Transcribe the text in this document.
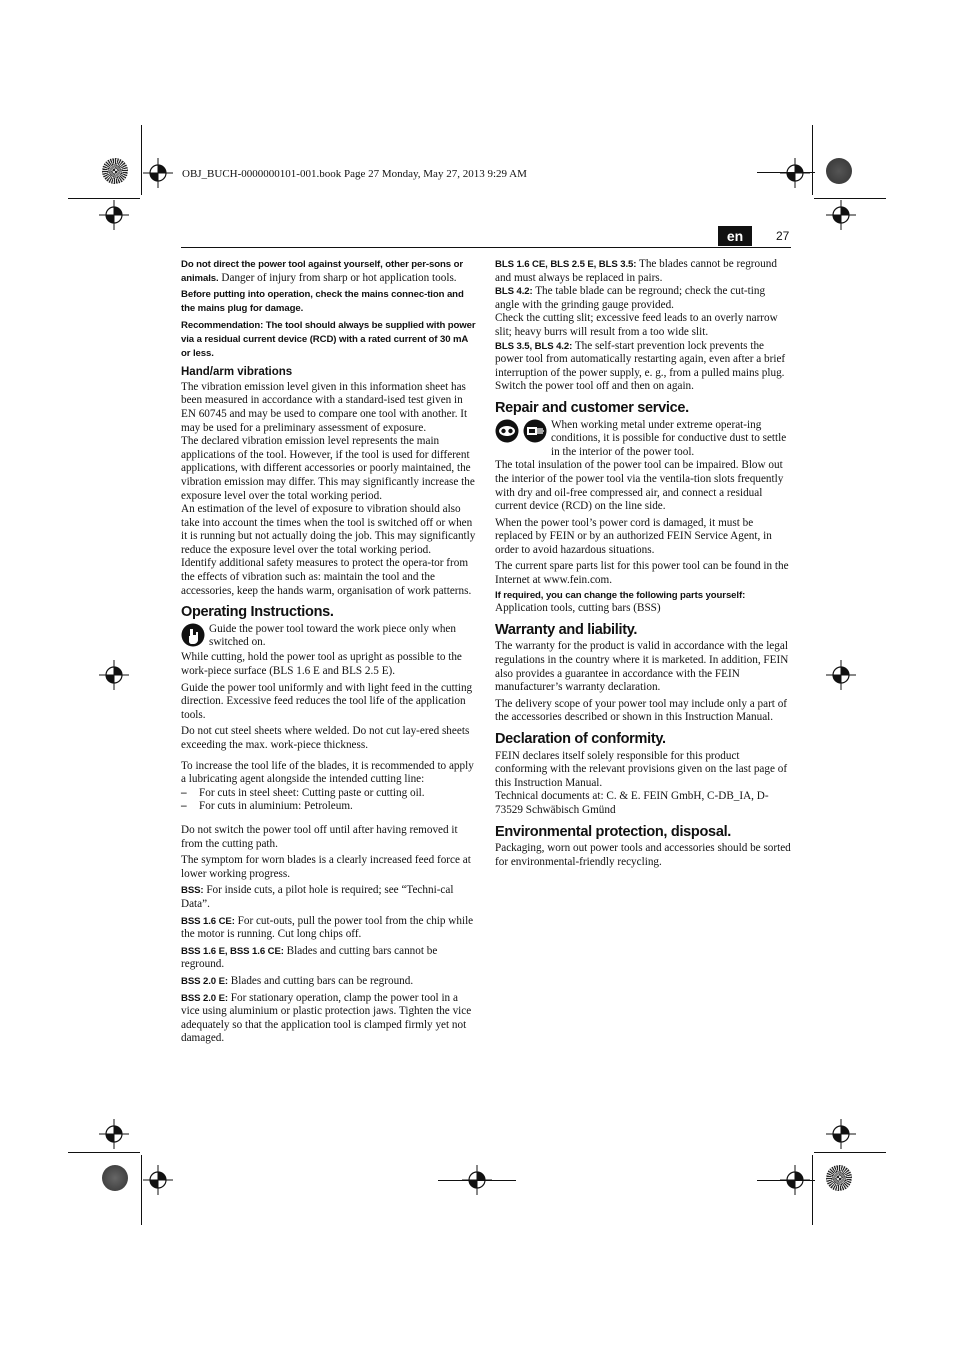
OBJ_BUCH-0000000101-001.book Page 27 Monday, May 27, 2013 9:29 AM
en	27

Do not direct the power tool against yourself, other per-sons or animals. Danger of injury from sharp or hot application tools.

Before putting into operation, check the mains connec-tion and the mains plug for damage.

Recommendation: The tool should always be supplied with power via a residual current device (RCD) with a rated current of 30 mA or less.

Hand/arm vibrations

The vibration emission level given in this information sheet has been measured in accordance with a standard-ised test given in EN 60745 and may be used to compare one tool with another. It may be used for a preliminary assessment of exposure.

The declared vibration emission level represents the main applications of the tool. However, if the tool is used for different applications, with different accessories or poorly maintained, the vibration emission may differ. This may significantly increase the exposure level over the total working period.

An estimation of the level of exposure to vibration should also take into account the times when the tool is switched off or when it is running but not actually doing the job. This may significantly reduce the exposure level over the total working period.

Identify additional safety measures to protect the opera-tor from the effects of vibration such as: maintain the tool and the accessories, keep the hands warm, organisation of work patterns.

Operating Instructions.
Guide the power tool toward the work piece only when switched on.

While cutting, hold the power tool as upright as possible to the work-piece surface (BLS 1.6 E and BLS 2.5 E).

Guide the power tool uniformly and with light feed in the cutting direction. Excessive feed reduces the tool life of the application tools.

Do not cut steel sheets where welded. Do not cut lay-ered sheets exceeding the max. work-piece thickness.

To increase the tool life of the blades, it is recommended to apply a lubricating agent alongside the intended cutting line:

– For cuts in steel sheet: Cutting paste or cutting oil.
– For cuts in aluminium: Petroleum.

Do not switch the power tool off until after having removed it from the cutting path.

The symptom for worn blades is a clearly increased feed force at lower working progress.

BSS: For inside cuts, a pilot hole is required; see “Techni-cal Data”.

BSS 1.6 CE: For cut-outs, pull the power tool from the chip while the motor is running. Cut long chips off.

BSS 1.6 E, BSS 1.6 CE: Blades and cutting bars cannot be reground.

BSS 2.0 E: Blades and cutting bars can be reground.

BSS 2.0 E: For stationary operation, clamp the power tool in a vice using aluminium or plastic protection jaws. Tighten the vice adequately so that the application tool is clamped firmly yet not damaged.

BLS 1.6 CE, BLS 2.5 E, BLS 3.5: The blades cannot be reground and must always be replaced in pairs.

BLS 4.2: The table blade can be reground; check the cut-ting angle with the grinding gauge provided.

Check the cutting slit; excessive feed leads to an overly narrow slit; heavy burrs will result from a too wide slit.

BLS 3.5, BLS 4.2: The self-start prevention lock prevents the power tool from automatically restarting again, even after a brief interruption of the power supply, e. g., from a pulled mains plug. Switch the power tool off and then on again.

Repair and customer service.
When working metal under extreme operat-ing conditions, it is possible for conductive dust to settle in the interior of the power tool.

The total insulation of the power tool can be impaired. Blow out the interior of the power tool via the ventila-tion slots frequently with dry and oil-free compressed air, and connect a residual current device (RCD) on the line side.

When the power tool’s power cord is damaged, it must be replaced by FEIN or by an authorized FEIN Service Agent, in order to avoid hazardous situations.

The current spare parts list for this power tool can be found in the Internet at www.fein.com.

If required, you can change the following parts yourself:

Application tools, cutting bars (BSS)

Warranty and liability.

The warranty for the product is valid in accordance with the legal regulations in the country where it is marketed. In addition, FEIN also provides a guarantee in accordance with the FEIN manufacturer’s warranty declaration.

The delivery scope of your power tool may include only a part of the accessories described or shown in this Instruction Manual.

Declaration of conformity.

FEIN declares itself solely responsible for this product conforming with the relevant provisions given on the last page of this Instruction Manual.

Technical documents at: C. & E. FEIN GmbH, C-DB_IA, D-73529 Schwäbisch Gmünd

Environmental protection, disposal.

Packaging, worn out power tools and accessories should be sorted for environmental-friendly recycling.
